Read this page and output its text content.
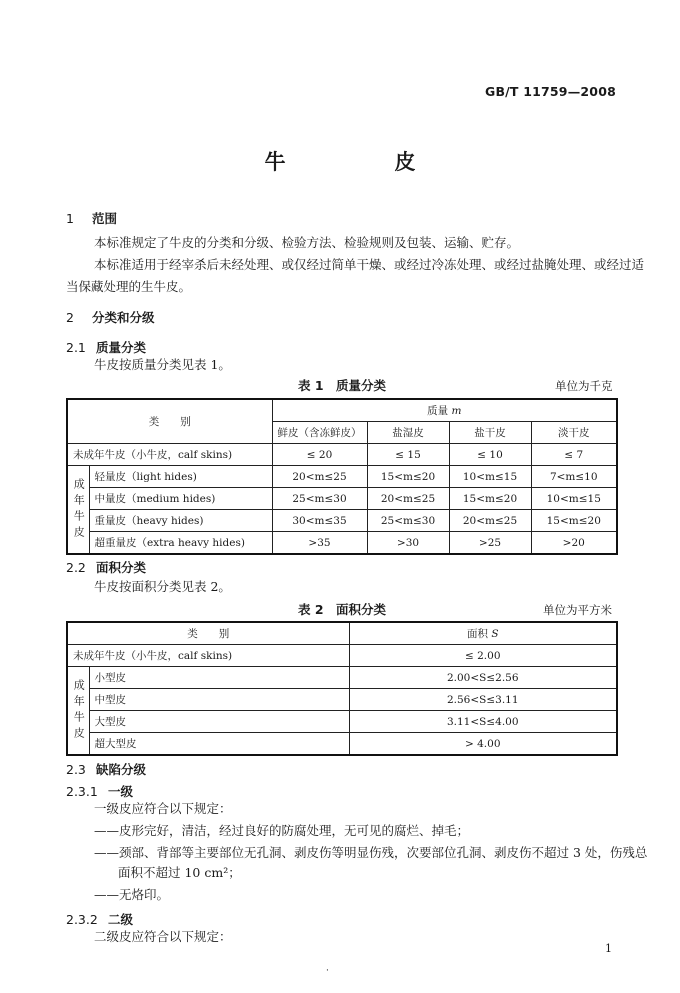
GB/T 11759—2008
牛　皮
1 范围
本标准规定了牛皮的分类和分级、检验方法、检验规则及包装、运输、贮存。
本标准适用于经宰杀后未经处理、或仅经过简单干燥、或经过冷冻处理、或经过盐腌处理、或经过适
当保藏处理的生牛皮。
2 分类和分级
2.1 质量分类
牛皮按质量分类见表 1。
表 1　质量分类	单位为千克
类　　别		质量 m			
		鲜皮（含冻鲜皮）	盐湿皮	盐干皮	淡干皮
未成年牛皮（小牛皮，calf skins)		≤ 20	≤ 15	≤ 10	≤ 7
成年牛皮	轻量皮（light hides)	20<m≤25	15<m≤20	10<m≤15	7<m≤10
	中量皮（medium hides)	25<m≤30	20<m≤25	15<m≤20	10<m≤15
	重量皮（heavy hides)	30<m≤35	25<m≤30	20<m≤25	15<m≤20
	超重量皮（extra heavy hides)	>35	>30	>25	>20
2.2 面积分类
牛皮按面积分类见表 2。
表 2　面积分类	单位为平方米
类　　别		面积 S
未成年牛皮（小牛皮，calf skins)		≤ 2.00
成年牛皮	小型皮	2.00<S≤2.56
	中型皮	2.56<S≤3.11
	大型皮	3.11<S≤4.00
	超大型皮	> 4.00
2.3 缺陷分级
2.3.1 一级
一级皮应符合以下规定：
——皮形完好，清洁，经过良好的防腐处理，无可见的腐烂、掉毛；
——颈部、背部等主要部位无孔洞、剥皮伤等明显伤残，次要部位孔洞、剥皮伤不超过 3 处，伤残总
面积不超过 10 cm²；
——无烙印。
2.3.2 二级
二级皮应符合以下规定：
1
·
